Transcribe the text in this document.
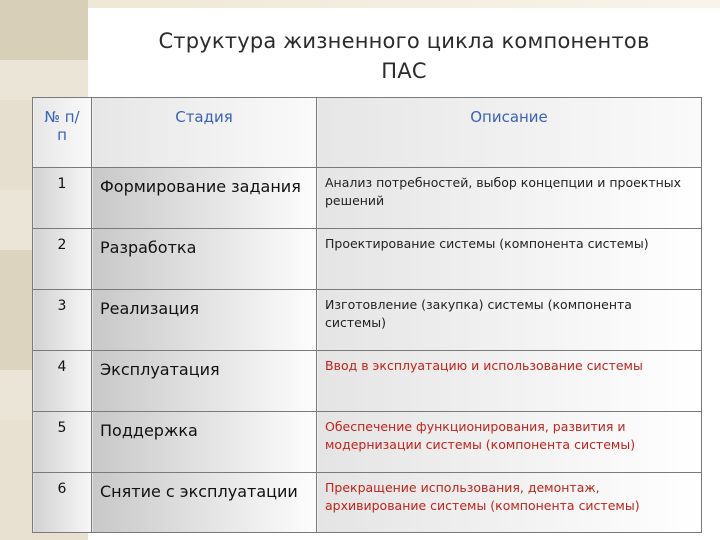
Структура жизненного цикла компонентов
ПАС
№ п/п	Стадия	Описание
1	Формирование задания	Анализ потребностей, выбор концепции и проектных решений
2	Разработка	Проектирование системы (компонента системы)
3	Реализация	Изготовление (закупка) системы (компонента системы)
4	Эксплуатация	Ввод в эксплуатацию и использование системы
5	Поддержка	Обеспечение функционирования, развития и модернизации системы (компонента системы)
6	Снятие с эксплуатации	Прекращение использования, демонтаж, архивирование системы (компонента системы)
